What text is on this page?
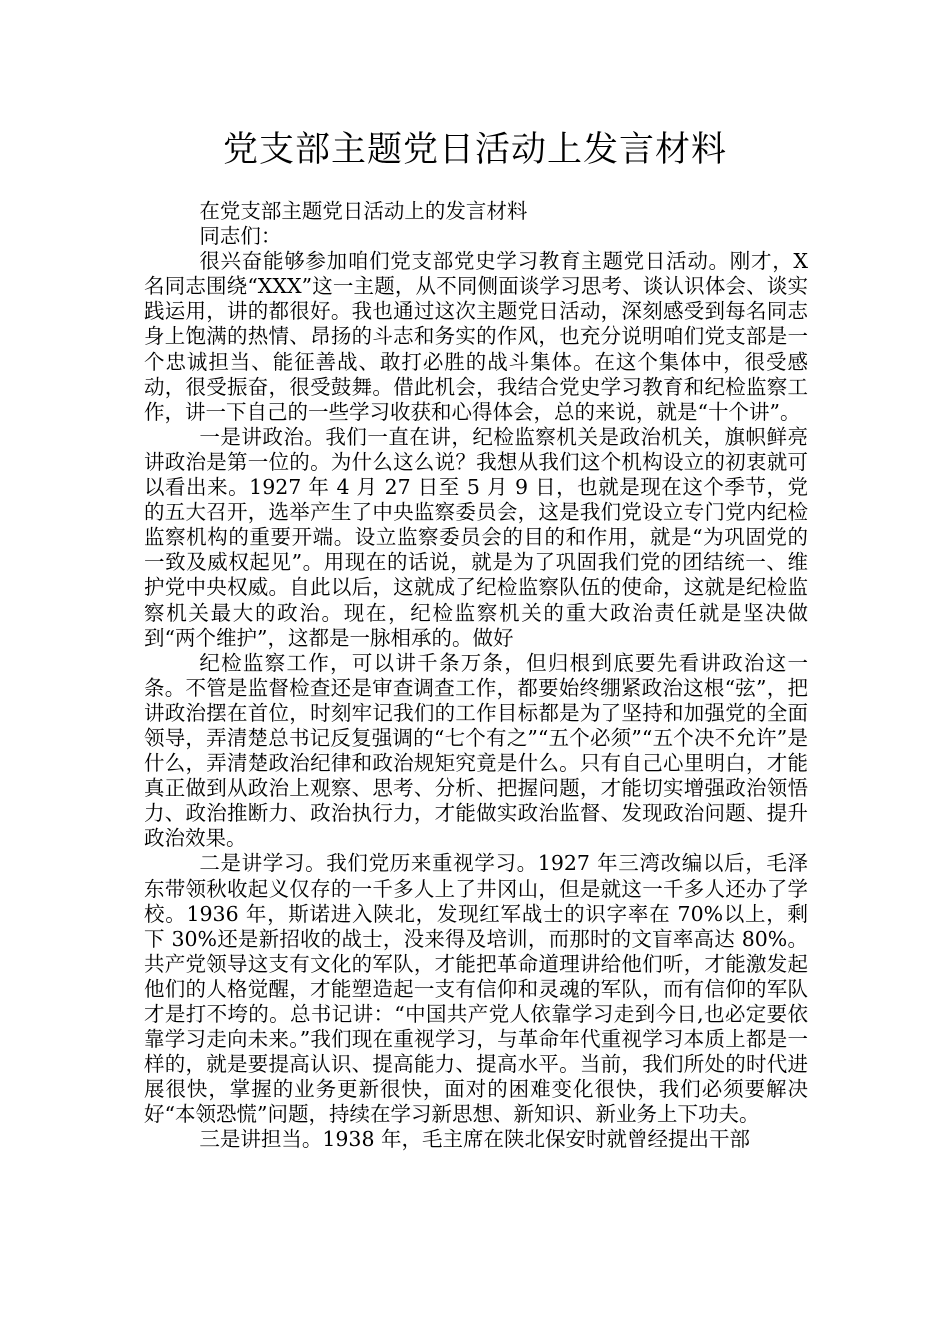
党支部主题党日活动上发言材料

在党支部主题党日活动上的发言材料

同志们：

很兴奋能够参加咱们党支部党史学习教育主题党日活动。刚才，X 名同志围绕“XXX”这一主题，从不同侧面谈学习思考、谈认识体会、谈实践运用，讲的都很好。我也通过这次主题党日活动，深刻感受到每名同志身上饱满的热情、昂扬的斗志和务实的作风，也充分说明咱们党支部是一个忠诚担当、能征善战、敢打必胜的战斗集体。在这个集体中，很受感动，很受振奋，很受鼓舞。借此机会，我结合党史学习教育和纪检监察工作，讲一下自己的一些学习收获和心得体会，总的来说，就是“十个讲”。

一是讲政治。我们一直在讲，纪检监察机关是政治机关，旗帜鲜亮讲政治是第一位的。为什么这么说？我想从我们这个机构设立的初衷就可以看出来。1927 年 4 月 27 日至 5 月 9 日，也就是现在这个季节，党的五大召开，选举产生了中央监察委员会，这是我们党设立专门党内纪检监察机构的重要开端。设立监察委员会的目的和作用，就是“为巩固党的一致及威权起见”。用现在的话说，就是为了巩固我们党的团结统一、维护党中央权威。自此以后，这就成了纪检监察队伍的使命，这就是纪检监察机关最大的政治。现在，纪检监察机关的重大政治责任就是坚决做到“两个维护”，这都是一脉相承的。做好

纪检监察工作，可以讲千条万条，但归根到底要先看讲政治这一条。不管是监督检查还是审查调查工作，都要始终绷紧政治这根“弦”，把讲政治摆在首位，时刻牢记我们的工作目标都是为了坚持和加强党的全面领导，弄清楚总书记反复强调的“七个有之”“五个必须”“五个决不允许”是什么，弄清楚政治纪律和政治规矩究竟是什么。只有自己心里明白，才能真正做到从政治上观察、思考、分析、把握问题，才能切实增强政治领悟力、政治推断力、政治执行力，才能做实政治监督、发现政治问题、提升政治效果。

二是讲学习。我们党历来重视学习。1927 年三湾改编以后，毛泽东带领秋收起义仅存的一千多人上了井冈山，但是就这一千多人还办了学校。1936 年，斯诺进入陕北，发现红军战士的识字率在 70%以上，剩下 30%还是新招收的战士，没来得及培训，而那时的文盲率高达 80%。共产党领导这支有文化的军队，才能把革命道理讲给他们听，才能激发起他们的人格觉醒，才能塑造起一支有信仰和灵魂的军队，而有信仰的军队才是打不垮的。总书记讲：“中国共产党人依靠学习走到今日,也必定要依靠学习走向未来。”我们现在重视学习，与革命年代重视学习本质上都是一样的，就是要提高认识、提高能力、提高水平。当前，我们所处的时代进展很快，掌握的业务更新很快，面对的困难变化很快，我们必须要解决好“本领恐慌”问题，持续在学习新思想、新知识、新业务上下功夫。

三是讲担当。1938 年，毛主席在陕北保安时就曾经提出干部
